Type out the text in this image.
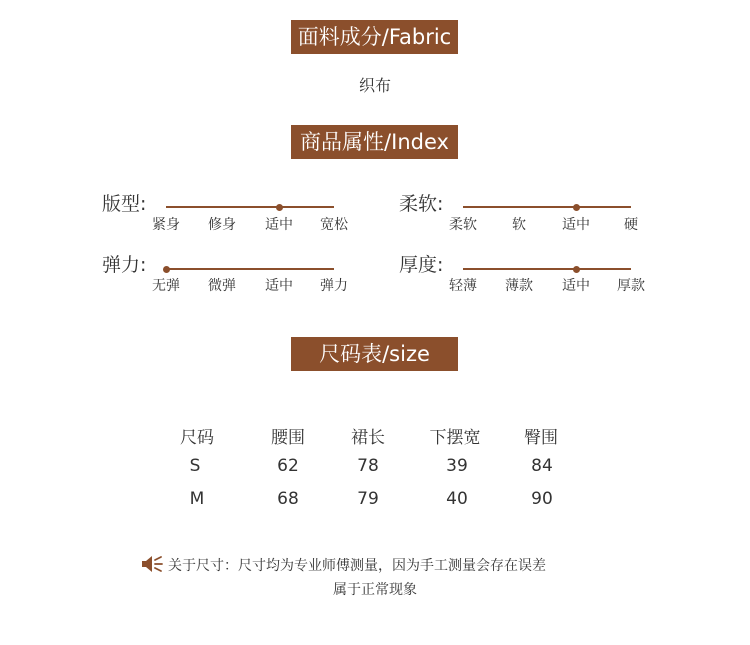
面料成分/Fabric
织布
商品属性/Index
版型:
紧身 修身 适中 宽松
柔软:
柔软	软	适中 硬
弹力:
无弹 微弹 适中 弹力
厚度:
轻薄 薄款 适中 厚款
尺码表/size
尺码	腰围	裙长	下摆宽	臀围
S	62	78	39	84
M	68	79	40	90
关于尺寸：尺寸均为专业师傅测量，因为手工测量会存在误差
属于正常现象
